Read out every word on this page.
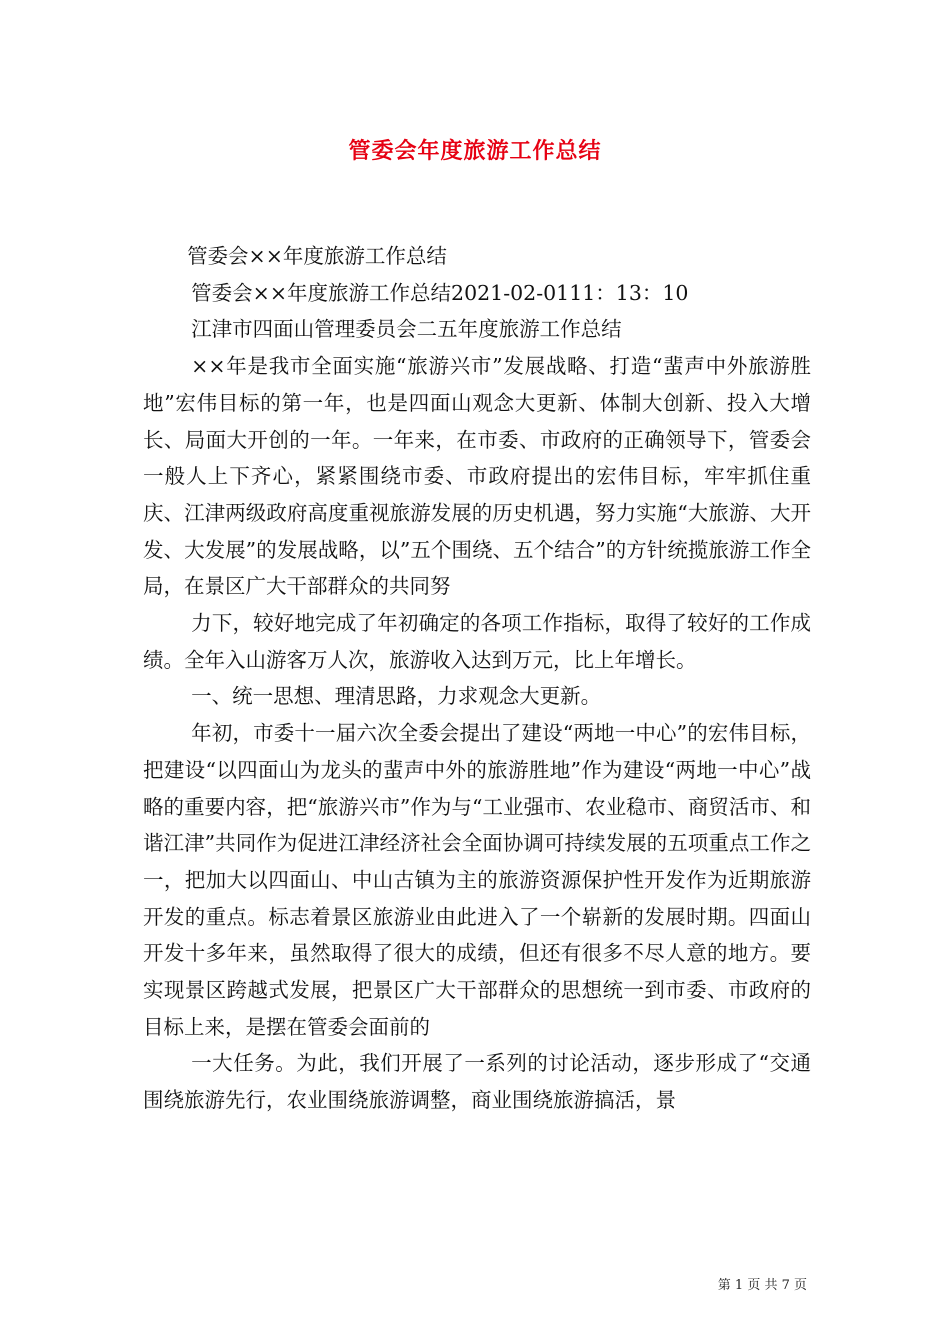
管委会年度旅游工作总结

管委会××年度旅游工作总结

管委会××年度旅游工作总结2021-02-0111：13：10

江津市四面山管理委员会二五年度旅游工作总结

××年是我市全面实施“旅游兴市”发展战略、打造“蜚声中外旅游胜地”宏伟目标的第一年，也是四面山观念大更新、体制大创新、投入大增长、局面大开创的一年。一年来，在市委、市政府的正确领导下，管委会一般人上下齐心，紧紧围绕市委、市政府提出的宏伟目标，牢牢抓住重庆、江津两级政府高度重视旅游发展的历史机遇，努力实施“大旅游、大开发、大发展”的发展战略，以”五个围绕、五个结合”的方针统揽旅游工作全局，在景区广大干部群众的共同努

力下，较好地完成了年初确定的各项工作指标，取得了较好的工作成绩。全年入山游客万人次，旅游收入达到万元，比上年增长。

一、统一思想、理清思路，力求观念大更新。

年初，市委十一届六次全委会提出了建设“两地一中心”的宏伟目标，把建设“以四面山为龙头的蜚声中外的旅游胜地”作为建设“两地一中心”战略的重要内容，把“旅游兴市”作为与“工业强市、农业稳市、商贸活市、和谐江津”共同作为促进江津经济社会全面协调可持续发展的五项重点工作之一，把加大以四面山、中山古镇为主的旅游资源保护性开发作为近期旅游开发的重点。标志着景区旅游业由此进入了一个崭新的发展时期。四面山开发十多年来，虽然取得了很大的成绩，但还有很多不尽人意的地方。要实现景区跨越式发展，把景区广大干部群众的思想统一到市委、市政府的目标上来，是摆在管委会面前的

一大任务。为此，我们开展了一系列的讨论活动，逐步形成了“交通围绕旅游先行，农业围绕旅游调整，商业围绕旅游搞活，景

第 1 页 共 7 页
